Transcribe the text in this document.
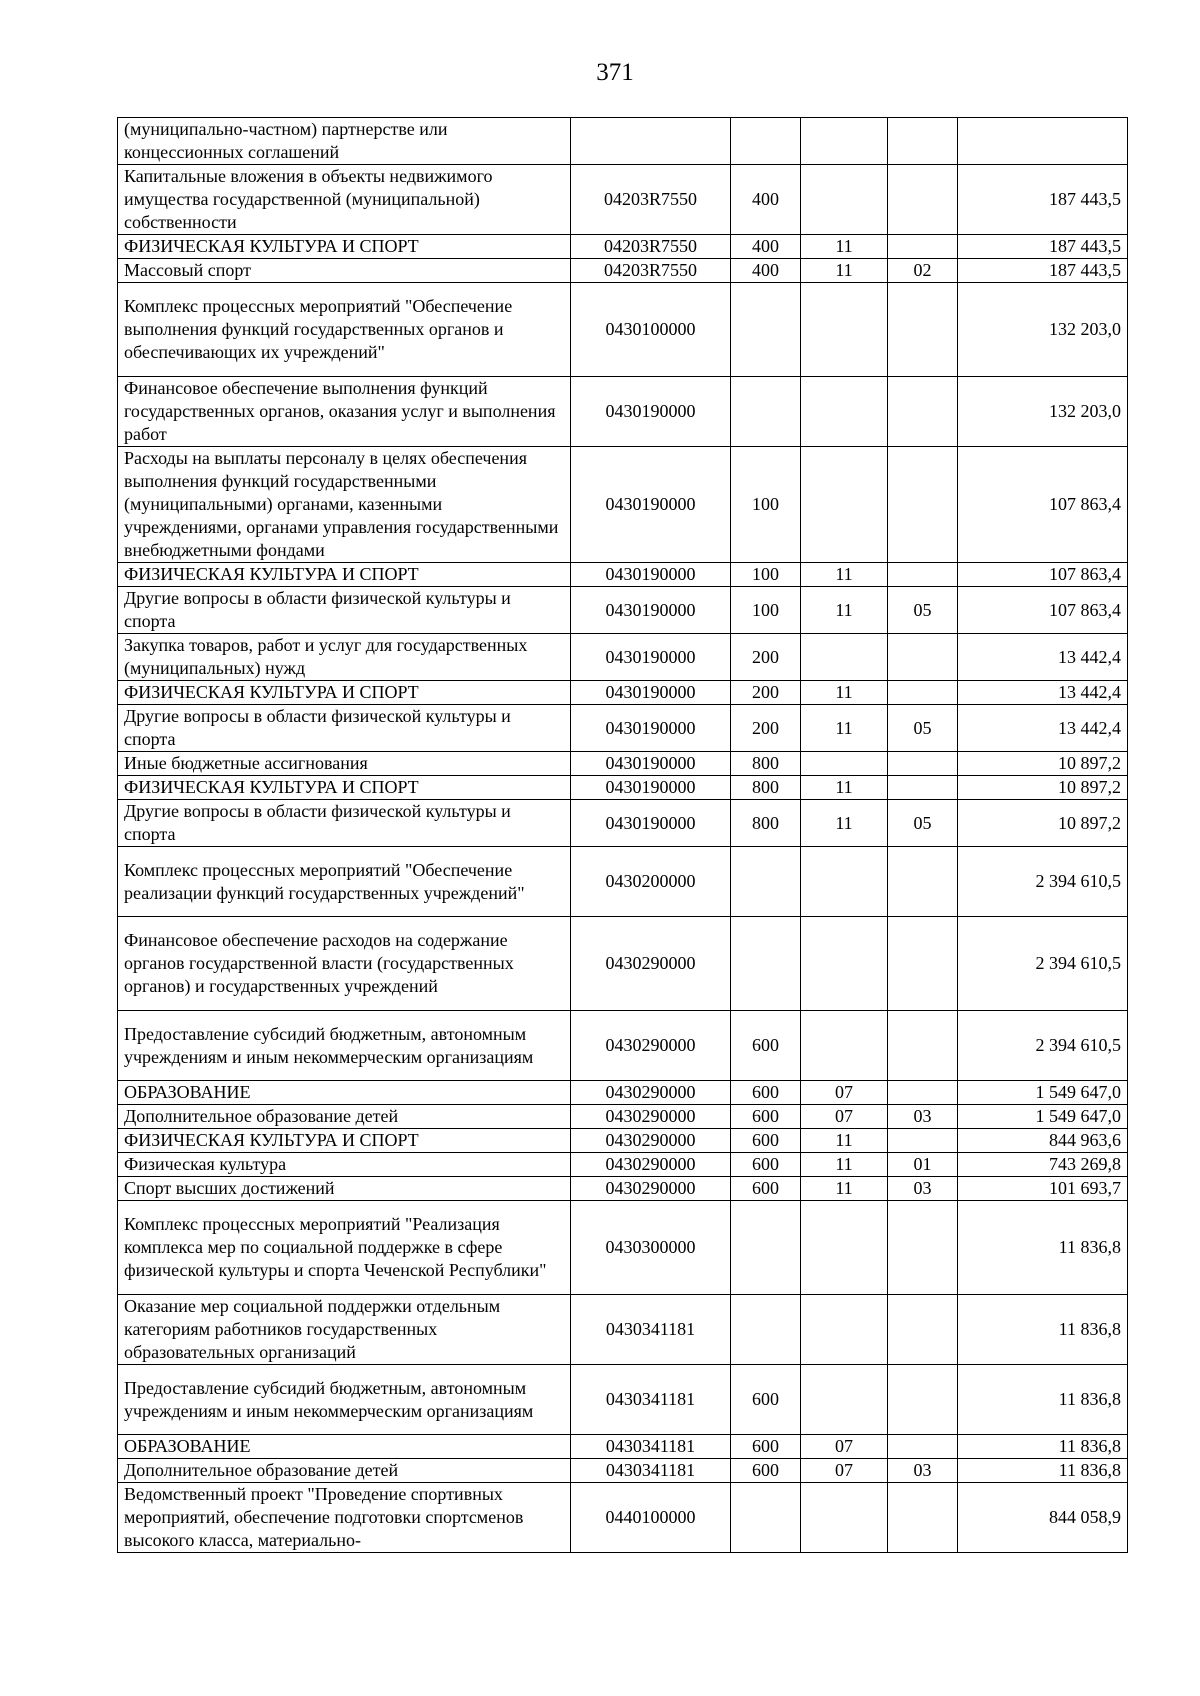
371
(муниципально-частном) партнерстве или концессионных соглашений					
Капитальные вложения в объекты недвижимого имущества государственной (муниципальной) собственности	04203R7550	400			187 443,5
ФИЗИЧЕСКАЯ КУЛЬТУРА И СПОРТ	04203R7550	400	11		187 443,5
Массовый спорт	04203R7550	400	11	02	187 443,5
Комплекс процессных мероприятий "Обеспечение выполнения функций государственных органов и обеспечивающих их учреждений"	0430100000				132 203,0
Финансовое обеспечение выполнения функций государственных органов, оказания услуг и выполнения работ	0430190000				132 203,0
Расходы на выплаты персоналу в целях обеспечения выполнения функций государственными (муниципальными) органами, казенными учреждениями, органами управления государственными внебюджетными фондами	0430190000	100			107 863,4
ФИЗИЧЕСКАЯ КУЛЬТУРА И СПОРТ	0430190000	100	11		107 863,4
Другие вопросы в области физической культуры и спорта	0430190000	100	11	05	107 863,4
Закупка товаров, работ и услуг для государственных (муниципальных) нужд	0430190000	200			13 442,4
ФИЗИЧЕСКАЯ КУЛЬТУРА И СПОРТ	0430190000	200	11		13 442,4
Другие вопросы в области физической культуры и спорта	0430190000	200	11	05	13 442,4
Иные бюджетные ассигнования	0430190000	800			10 897,2
ФИЗИЧЕСКАЯ КУЛЬТУРА И СПОРТ	0430190000	800	11		10 897,2
Другие вопросы в области физической культуры и спорта	0430190000	800	11	05	10 897,2
Комплекс процессных мероприятий "Обеспечение реализации функций государственных учреждений"	0430200000				2 394 610,5
Финансовое обеспечение расходов на содержание органов государственной власти (государственных органов) и государственных учреждений	0430290000				2 394 610,5
Предоставление субсидий бюджетным, автономным учреждениям и иным некоммерческим организациям	0430290000	600			2 394 610,5
ОБРАЗОВАНИЕ	0430290000	600	07		1 549 647,0
Дополнительное образование детей	0430290000	600	07	03	1 549 647,0
ФИЗИЧЕСКАЯ КУЛЬТУРА И СПОРТ	0430290000	600	11		844 963,6
Физическая культура	0430290000	600	11	01	743 269,8
Спорт высших достижений	0430290000	600	11	03	101 693,7
Комплекс процессных мероприятий "Реализация комплекса мер по социальной поддержке в сфере физической культуры и спорта Чеченской Республики"	0430300000				11 836,8
Оказание мер социальной поддержки отдельным категориям работников государственных образовательных организаций	0430341181				11 836,8
Предоставление субсидий бюджетным, автономным учреждениям и иным некоммерческим организациям	0430341181	600			11 836,8
ОБРАЗОВАНИЕ	0430341181	600	07		11 836,8
Дополнительное образование детей	0430341181	600	07	03	11 836,8
Ведомственный проект "Проведение спортивных мероприятий, обеспечение подготовки спортсменов высокого класса, материально-	0440100000				844 058,9
